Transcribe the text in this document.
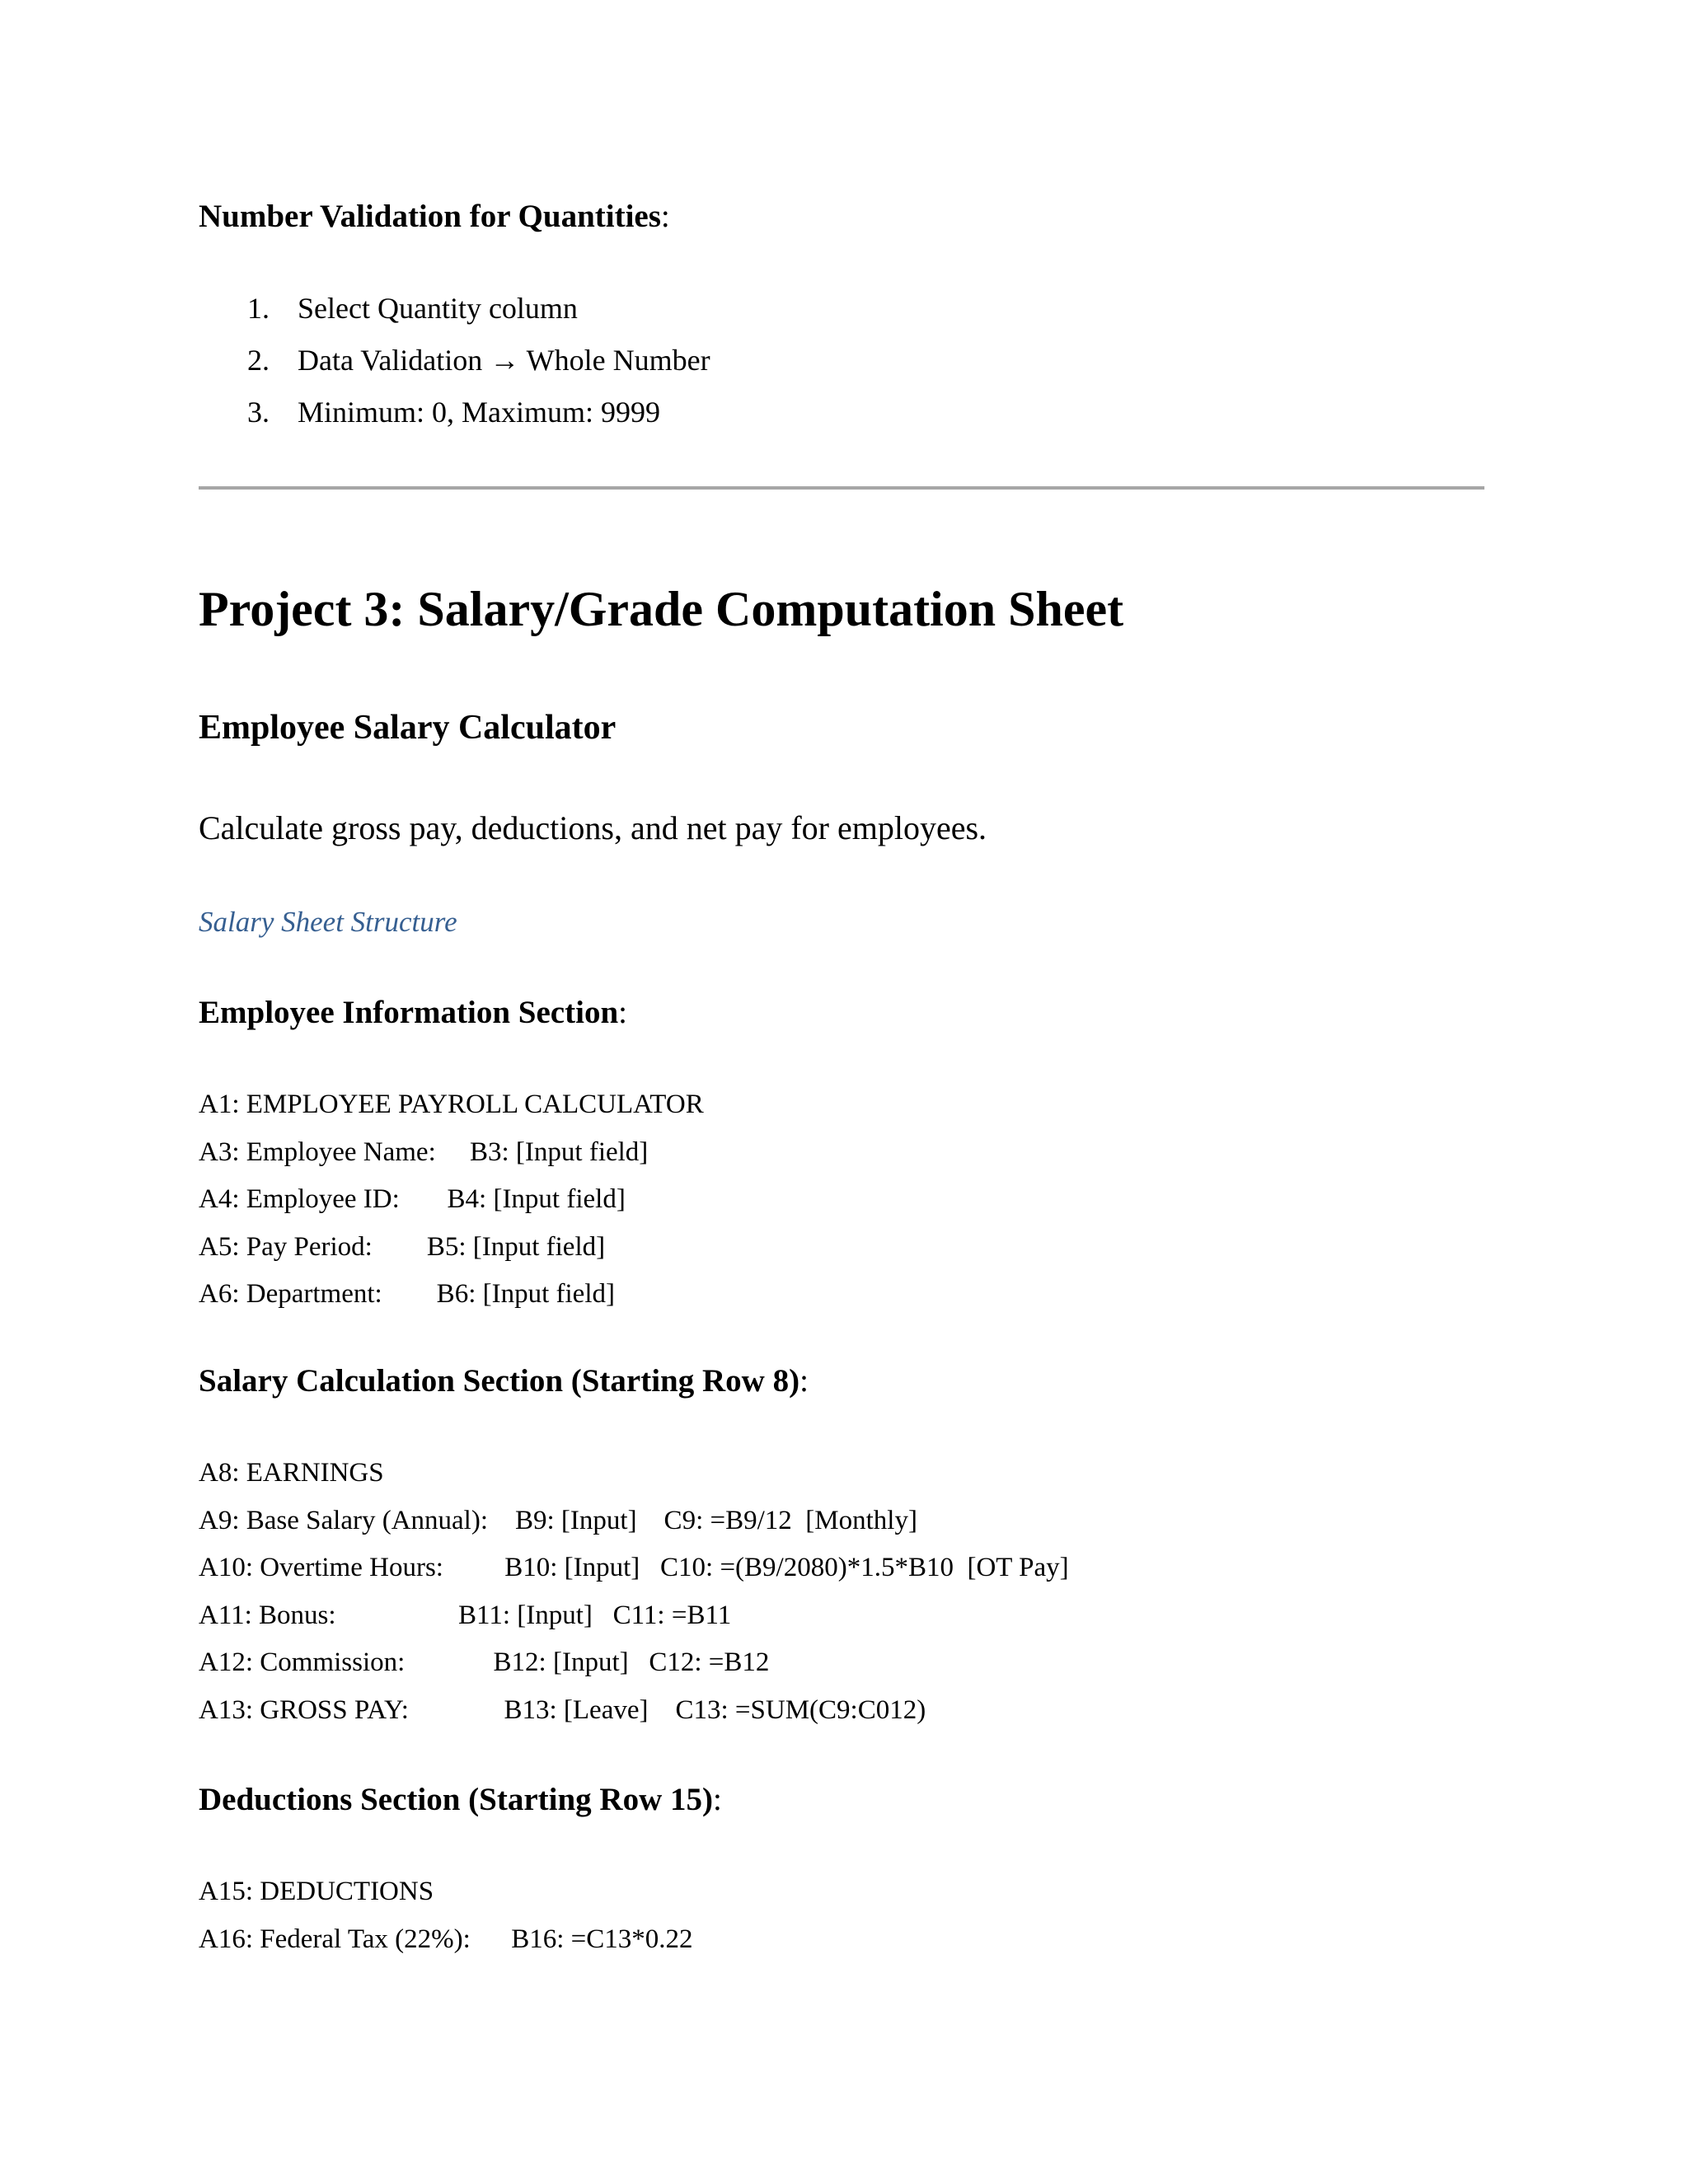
Number Validation for Quantities:
1. Select Quantity column
2. Data Validation → Whole Number
3. Minimum: 0, Maximum: 9999
Project 3: Salary/Grade Computation Sheet
Employee Salary Calculator
Calculate gross pay, deductions, and net pay for employees.
Salary Sheet Structure
Employee Information Section:
A1: EMPLOYEE PAYROLL CALCULATOR
A3: Employee Name:     B3: [Input field]
A4: Employee ID:       B4: [Input field]
A5: Pay Period:        B5: [Input field]
A6: Department:        B6: [Input field]
Salary Calculation Section (Starting Row 8):
A8: EARNINGS
A9: Base Salary (Annual):    B9: [Input]    C9: =B9/12  [Monthly]
A10: Overtime Hours:         B10: [Input]   C10: =(B9/2080)*1.5*B10  [OT Pay]
A11: Bonus:                  B11: [Input]   C11: =B11
A12: Commission:             B12: [Input]   C12: =B12
A13: GROSS PAY:              B13: [Leave]    C13: =SUM(C9:C012)
Deductions Section (Starting Row 15):
A15: DEDUCTIONS
A16: Federal Tax (22%):      B16: =C13*0.22
